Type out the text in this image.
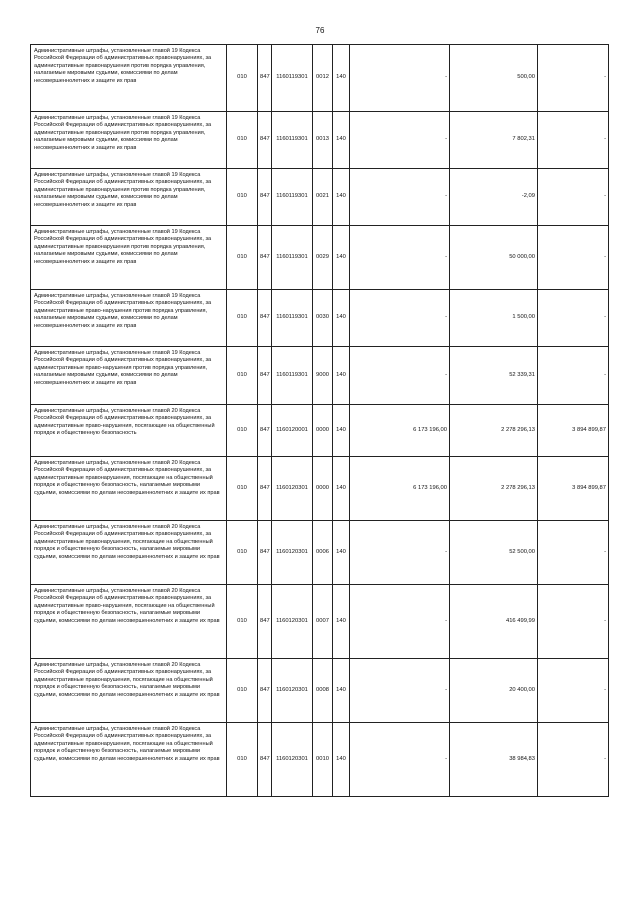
76
Административные штрафы, установленные главой 19 Кодекса Российской Федерации об административных правонарушениях, за административные правонарушения против порядка управления, налагаемые мировыми судьями, комиссиями по делам несовершеннолетних и защите их прав	010	847	1160119301	0012	140	-	500,00	-
Административные штрафы, установленные главой 19 Кодекса Российской Федерации об административных правонарушениях, за административные правонарушения против порядка управления, налагаемые мировыми судьями, комиссиями по делам несовершеннолетних и защите их прав	010	847	1160119301	0013	140	-	7 802,31	-
Административные штрафы, установленные главой 19 Кодекса Российской Федерации об административных правонарушениях, за административные правонарушения против порядка управления, налагаемые мировыми судьями, комиссиями по делам несовершеннолетних и защите их прав	010	847	1160119301	0021	140	-	-2,09	-
Административные штрафы, установленные главой 19 Кодекса Российской Федерации об административных правонарушениях, за административные правонарушения против порядка управления, налагаемые мировыми судьями, комиссиями по делам несовершеннолетних и защите их прав	010	847	1160119301	0029	140	-	50 000,00	-
Административные штрафы, установленные главой 19 Кодекса Российской Федерации об административных правонарушениях, за административные право-нарушения против порядка управления, налагаемые мировыми судьями, комиссиями по делам несовершеннолетних и защите их прав	010	847	1160119301	0030	140	-	1 500,00	-
Административные штрафы, установленные главой 19 Кодекса Российской Федерации об административных правонарушениях, за административные право-нарушения против порядка управления, налагаемые мировыми судьями, комиссиями по делам несовершеннолетних и защите их прав	010	847	1160119301	9000	140	-	52 339,31	-
Административные штрафы, установленные главой 20 Кодекса Российской Федерации об административных правонарушениях, за административные право-нарушения, посягающие на общественный порядок и общественную безопасность	010	847	1160120001	0000	140	6 173 196,00	2 278 296,13	3 894 899,87
Административные штрафы, установленные главой 20 Кодекса Российской Федерации об административных правонарушениях, за административные правонарушения, посягающие на общественный порядок и общественную безопасность, налагаемые мировыми судьями, комиссиями по делам несовершеннолетних и защите их прав	010	847	1160120301	0000	140	6 173 196,00	2 278 296,13	3 894 899,87
Административные штрафы, установленные главой 20 Кодекса Российской Федерации об административных правонарушениях, за административные правонарушения, посягающие на общественный порядок и общественную безопасность, налагаемые мировыми судьями, комиссиями по делам несовершеннолетних и защите их прав	010	847	1160120301	0006	140	-	52 500,00	-
Административные штрафы, установленные главой 20 Кодекса Российской Федерации об административных правонарушениях, за административные право-нарушения, посягающие на общественный порядок и общественную безопасность, налагаемые мировыми судьями, комиссиями по делам несовершеннолетних и защите их прав	010	847	1160120301	0007	140	-	416 499,99	-
Административные штрафы, установленные главой 20 Кодекса Российской Федерации об административных правонарушениях, за административные правонарушения, посягающие на общественный порядок и общественную безопасность, налагаемые мировыми судьями, комиссиями по делам несовершеннолетних и защите их прав	010	847	1160120301	0008	140	-	20 400,00	-
Административные штрафы, установленные главой 20 Кодекса Российской Федерации об административных правонарушениях, за административные правонарушения, посягающие на общественный порядок и общественную безопасность, налагаемые мировыми судьями, комиссиями по делам несовершеннолетних и защите их прав	010	847	1160120301	0010	140	-	38 984,83	-
